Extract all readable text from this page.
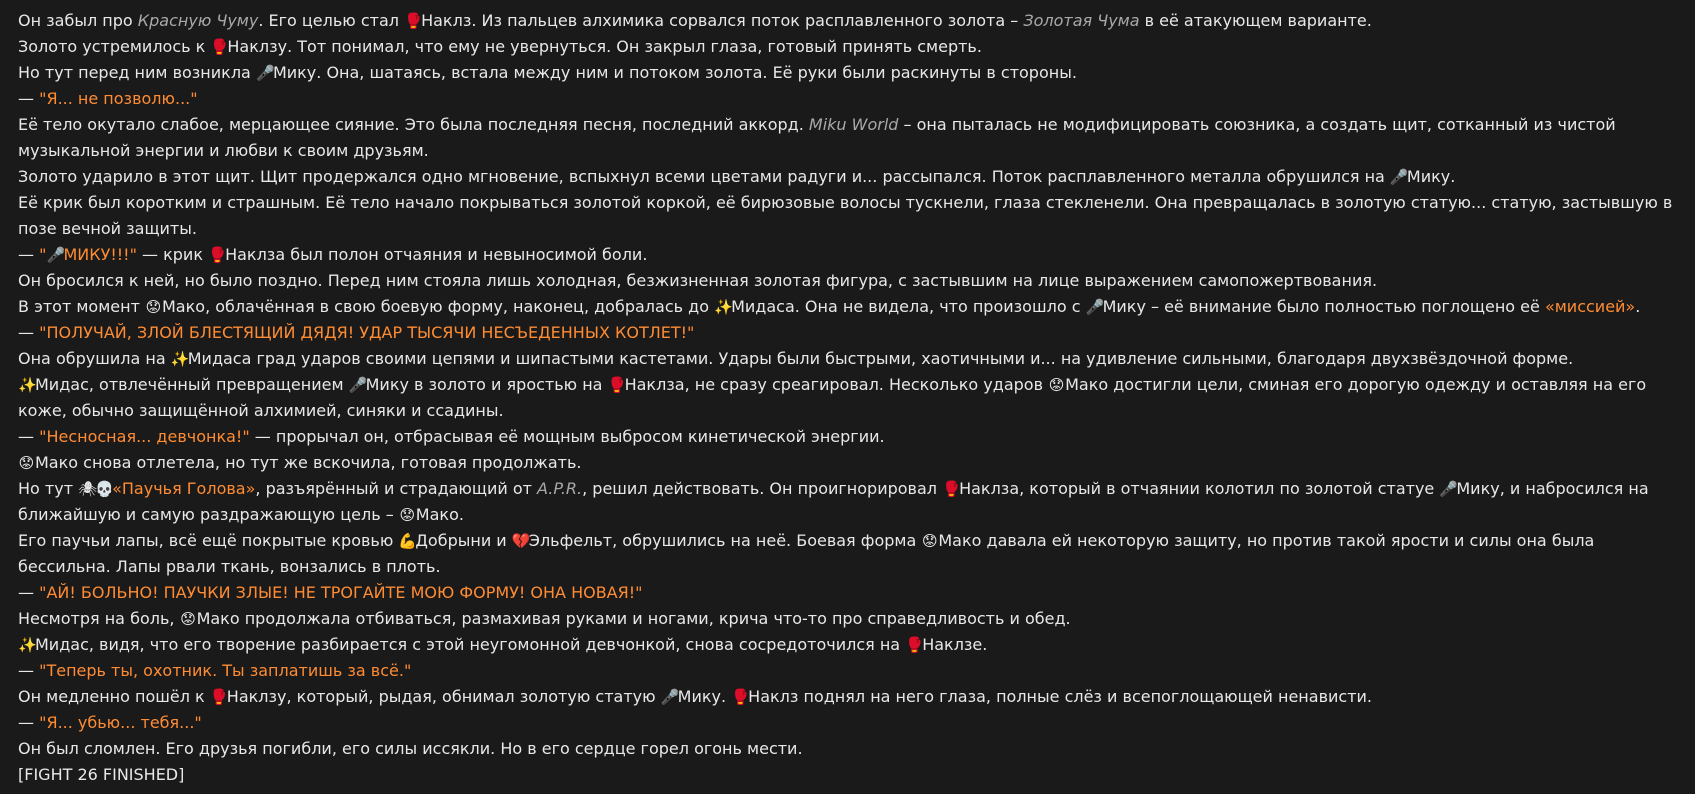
Он забыл про Красную Чуму. Его целью стал 🥊Наклз. Из пальцев алхимика сорвался поток расплавленного золота – Золотая Чума в её атакующем варианте.
Золото устремилось к 🥊Наклзу. Тот понимал, что ему не увернуться. Он закрыл глаза, готовый принять смерть.
Но тут перед ним возникла 🎤Мику. Она, шатаясь, встала между ним и потоком золота. Её руки были раскинуты в стороны.
— "Я... не позволю..."
Её тело окутало слабое, мерцающее сияние. Это была последняя песня, последний аккорд. Miku World – она пыталась не модифицировать союзника, а создать щит, сотканный из чистой музыкальной энергии и любви к своим друзьям.
Золото ударило в этот щит. Щит продержался одно мгновение, вспыхнул всеми цветами радуги и... рассыпался. Поток расплавленного металла обрушился на 🎤Мику.
Её крик был коротким и страшным. Её тело начало покрываться золотой коркой, её бирюзовые волосы тускнели, глаза стекленели. Она превращалась в золотую статую... статую, застывшую в позе вечной защиты.
— "🎤МИКУ!!!" — крик 🥊Наклза был полон отчаяния и невыносимой боли.
Он бросился к ней, но было поздно. Перед ним стояла лишь холодная, безжизненная золотая фигура, с застывшим на лице выражением самопожертвования.
В этот момент 😟Мако, облачённая в свою боевую форму, наконец, добралась до ✨Мидаса. Она не видела, что произошло с 🎤Мику – её внимание было полностью поглощено её «миссией».
— "ПОЛУЧАЙ, ЗЛОЙ БЛЕСТЯЩИЙ ДЯДЯ! УДАР ТЫСЯЧИ НЕСЪЕДЕННЫХ КОТЛЕТ!"
Она обрушила на ✨Мидаса град ударов своими цепями и шипастыми кастетами. Удары были быстрыми, хаотичными и... на удивление сильными, благодаря двухзвёздочной форме.
✨Мидас, отвлечённый превращением 🎤Мику в золото и яростью на 🥊Наклза, не сразу среагировал. Несколько ударов 😟Мако достигли цели, сминая его дорогую одежду и оставляя на его коже, обычно защищённой алхимией, синяки и ссадины.
— "Несносная... девчонка!" — прорычал он, отбрасывая её мощным выбросом кинетической энергии.
😟Мако снова отлетела, но тут же вскочила, готовая продолжать.
Но тут 🕷💀«Паучья Голова», разъярённый и страдающий от A.P.R., решил действовать. Он проигнорировал 🥊Наклза, который в отчаянии колотил по золотой статуе 🎤Мику, и набросился на ближайшую и самую раздражающую цель – 😟Мако.
Его паучьи лапы, всё ещё покрытые кровью 💪Добрыни и 💔Эльфельт, обрушились на неё. Боевая форма 😟Мако давала ей некоторую защиту, но против такой ярости и силы она была бессильна. Лапы рвали ткань, вонзались в плоть.
— "АЙ! БОЛЬНО! ПАУЧКИ ЗЛЫЕ! НЕ ТРОГАЙТЕ МОЮ ФОРМУ! ОНА НОВАЯ!"
Несмотря на боль, 😟Мако продолжала отбиваться, размахивая руками и ногами, крича что-то про справедливость и обед.
✨Мидас, видя, что его творение разбирается с этой неугомонной девчонкой, снова сосредоточился на 🥊Наклзе.
— "Теперь ты, охотник. Ты заплатишь за всё."
Он медленно пошёл к 🥊Наклзу, который, рыдая, обнимал золотую статую 🎤Мику. 🥊Наклз поднял на него глаза, полные слёз и всепоглощающей ненависти.
— "Я... убью... тебя..."
Он был сломлен. Его друзья погибли, его силы иссякли. Но в его сердце горел огонь мести.
[FIGHT 26 FINISHED]
